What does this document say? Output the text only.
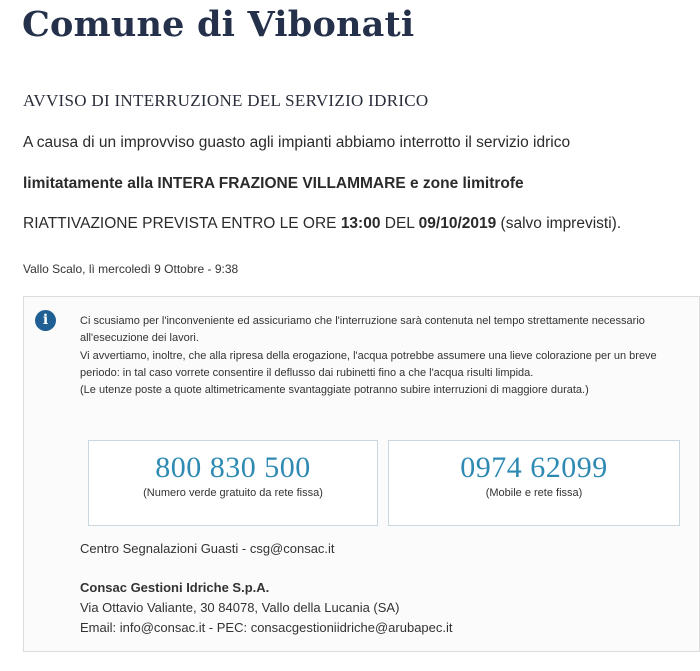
Comune di Vibonati
AVVISO DI INTERRUZIONE DEL SERVIZIO IDRICO
A causa di un improvviso guasto agli impianti abbiamo interrotto il servizio idrico
limitatamente alla INTERA FRAZIONE VILLAMMARE e zone limitrofe
RIATTIVAZIONE PREVISTA ENTRO LE ORE 13:00 DEL 09/10/2019 (salvo imprevisti).
Vallo Scalo, lì mercoledì 9 Ottobre - 9:38
i	Ci scusiamo per l'inconveniente ed assicuriamo che l'interruzione sarà contenuta nel tempo strettamente necessario
all'esecuzione dei lavori.
Vi avvertiamo, inoltre, che alla ripresa della erogazione, l'acqua potrebbe assumere una lieve colorazione per un breve
periodo: in tal caso vorrete consentire il deflusso dai rubinetti fino a che l'acqua risulti limpida.
(Le utenze poste a quote altimetricamente svantaggiate potranno subire interruzioni di maggiore durata.)
800 830 500
(Numero verde gratuito da rete fissa)
0974 62099
(Mobile e rete fissa)
Centro Segnalazioni Guasti - csg@consac.it
Consac Gestioni Idriche S.p.A.
Via Ottavio Valiante, 30 84078, Vallo della Lucania (SA)
Email: info@consac.it - PEC: consacgestioniidriche@arubapec.it
